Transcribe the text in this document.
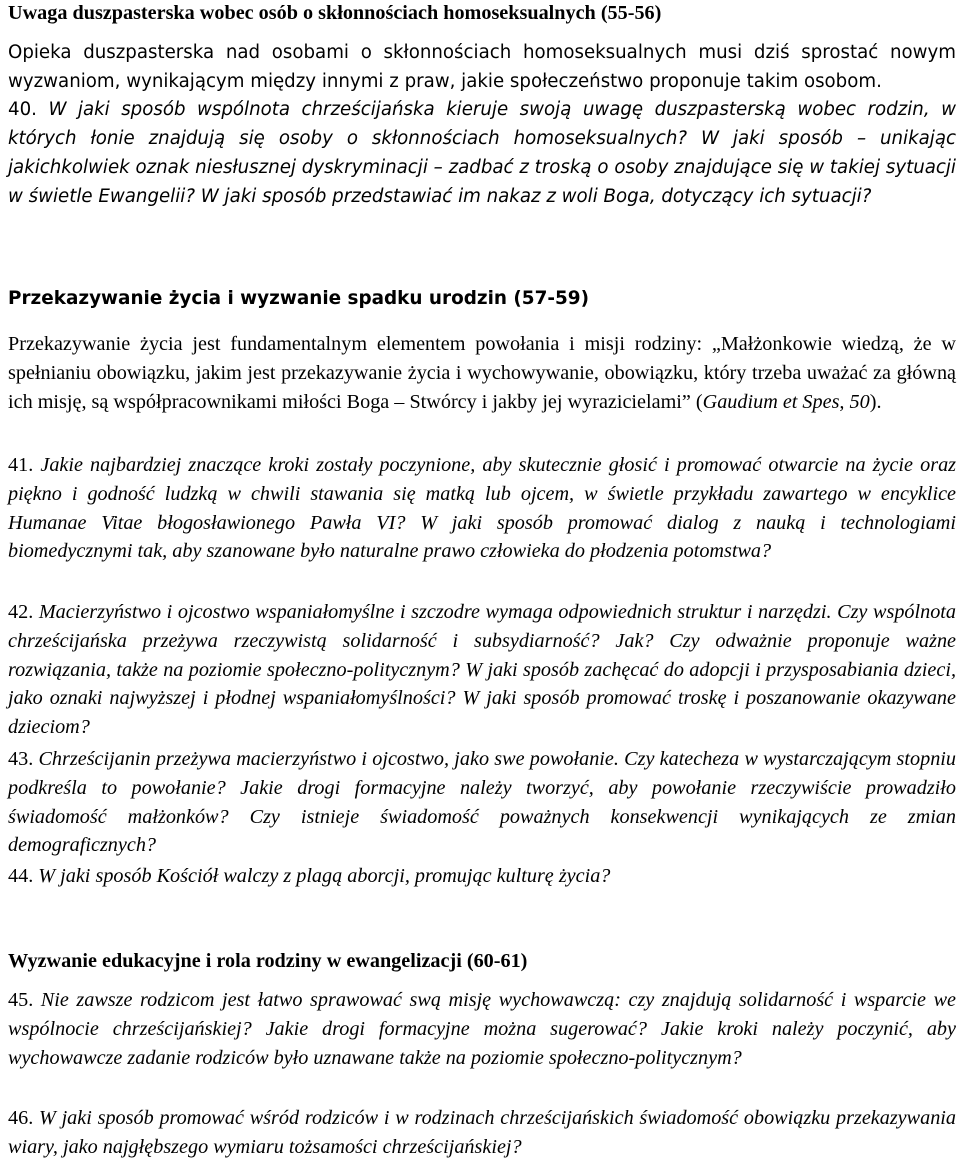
Uwaga duszpasterska wobec osób o skłonnościach homoseksualnych (55-56)

Opieka duszpasterska nad osobami o skłonnościach homoseksualnych musi dziś sprostać nowym wyzwaniom, wynikającym między innymi z praw, jakie społeczeństwo proponuje takim osobom.

40. W jaki sposób wspólnota chrześcijańska kieruje swoją uwagę duszpasterską wobec rodzin, w których łonie znajdują się osoby o skłonnościach homoseksualnych? W jaki sposób – unikając jakichkolwiek oznak niesłusznej dyskryminacji – zadbać z troską o osoby znajdujące się w takiej sytuacji w świetle Ewangelii? W jaki sposób przedstawiać im nakaz z woli Boga, dotyczący ich sytuacji?

Przekazywanie życia i wyzwanie spadku urodzin (57-59)

Przekazywanie życia jest fundamentalnym elementem powołania i misji rodziny: „Małżonkowie wiedzą, że w spełnianiu obowiązku, jakim jest przekazywanie życia i wychowywanie, obowiązku, który trzeba uważać za główną ich misję, są współpracownikami miłości Boga – Stwórcy i jakby jej wyrazicielami” (Gaudium et Spes, 50).

41. Jakie najbardziej znaczące kroki zostały poczynione, aby skutecznie głosić i promować otwarcie na życie oraz piękno i godność ludzką w chwili stawania się matką lub ojcem, w świetle przykładu zawartego w encyklice Humanae Vitae błogosławionego Pawła VI? W jaki sposób promować dialog z nauką i technologiami biomedycznymi tak, aby szanowane było naturalne prawo człowieka do płodzenia potomstwa?

42. Macierzyństwo i ojcostwo wspaniałomyślne i szczodre wymaga odpowiednich struktur i narzędzi. Czy wspólnota chrześcijańska przeżywa rzeczywistą solidarność i subsydiarność? Jak? Czy odważnie proponuje ważne rozwiązania, także na poziomie społeczno-politycznym? W jaki sposób zachęcać do adopcji i przysposabiania dzieci, jako oznaki najwyższej i płodnej wspaniałomyślności? W jaki sposób promować troskę i poszanowanie okazywane dzieciom?

43. Chrześcijanin przeżywa macierzyństwo i ojcostwo, jako swe powołanie. Czy katecheza w wystarczającym stopniu podkreśla to powołanie? Jakie drogi formacyjne należy tworzyć, aby powołanie rzeczywiście prowadziło świadomość małżonków? Czy istnieje świadomość poważnych konsekwencji wynikających ze zmian demograficznych?

44. W jaki sposób Kościół walczy z plagą aborcji, promując kulturę życia?

Wyzwanie edukacyjne i rola rodziny w ewangelizacji (60-61)

45. Nie zawsze rodzicom jest łatwo sprawować swą misję wychowawczą: czy znajdują solidarność i wsparcie we wspólnocie chrześcijańskiej? Jakie drogi formacyjne można sugerować? Jakie kroki należy poczynić, aby wychowawcze zadanie rodziców było uznawane także na poziomie społeczno-politycznym?

46. W jaki sposób promować wśród rodziców i w rodzinach chrześcijańskich świadomość obowiązku przekazywania wiary, jako najgłębszego wymiaru tożsamości chrześcijańskiej?
